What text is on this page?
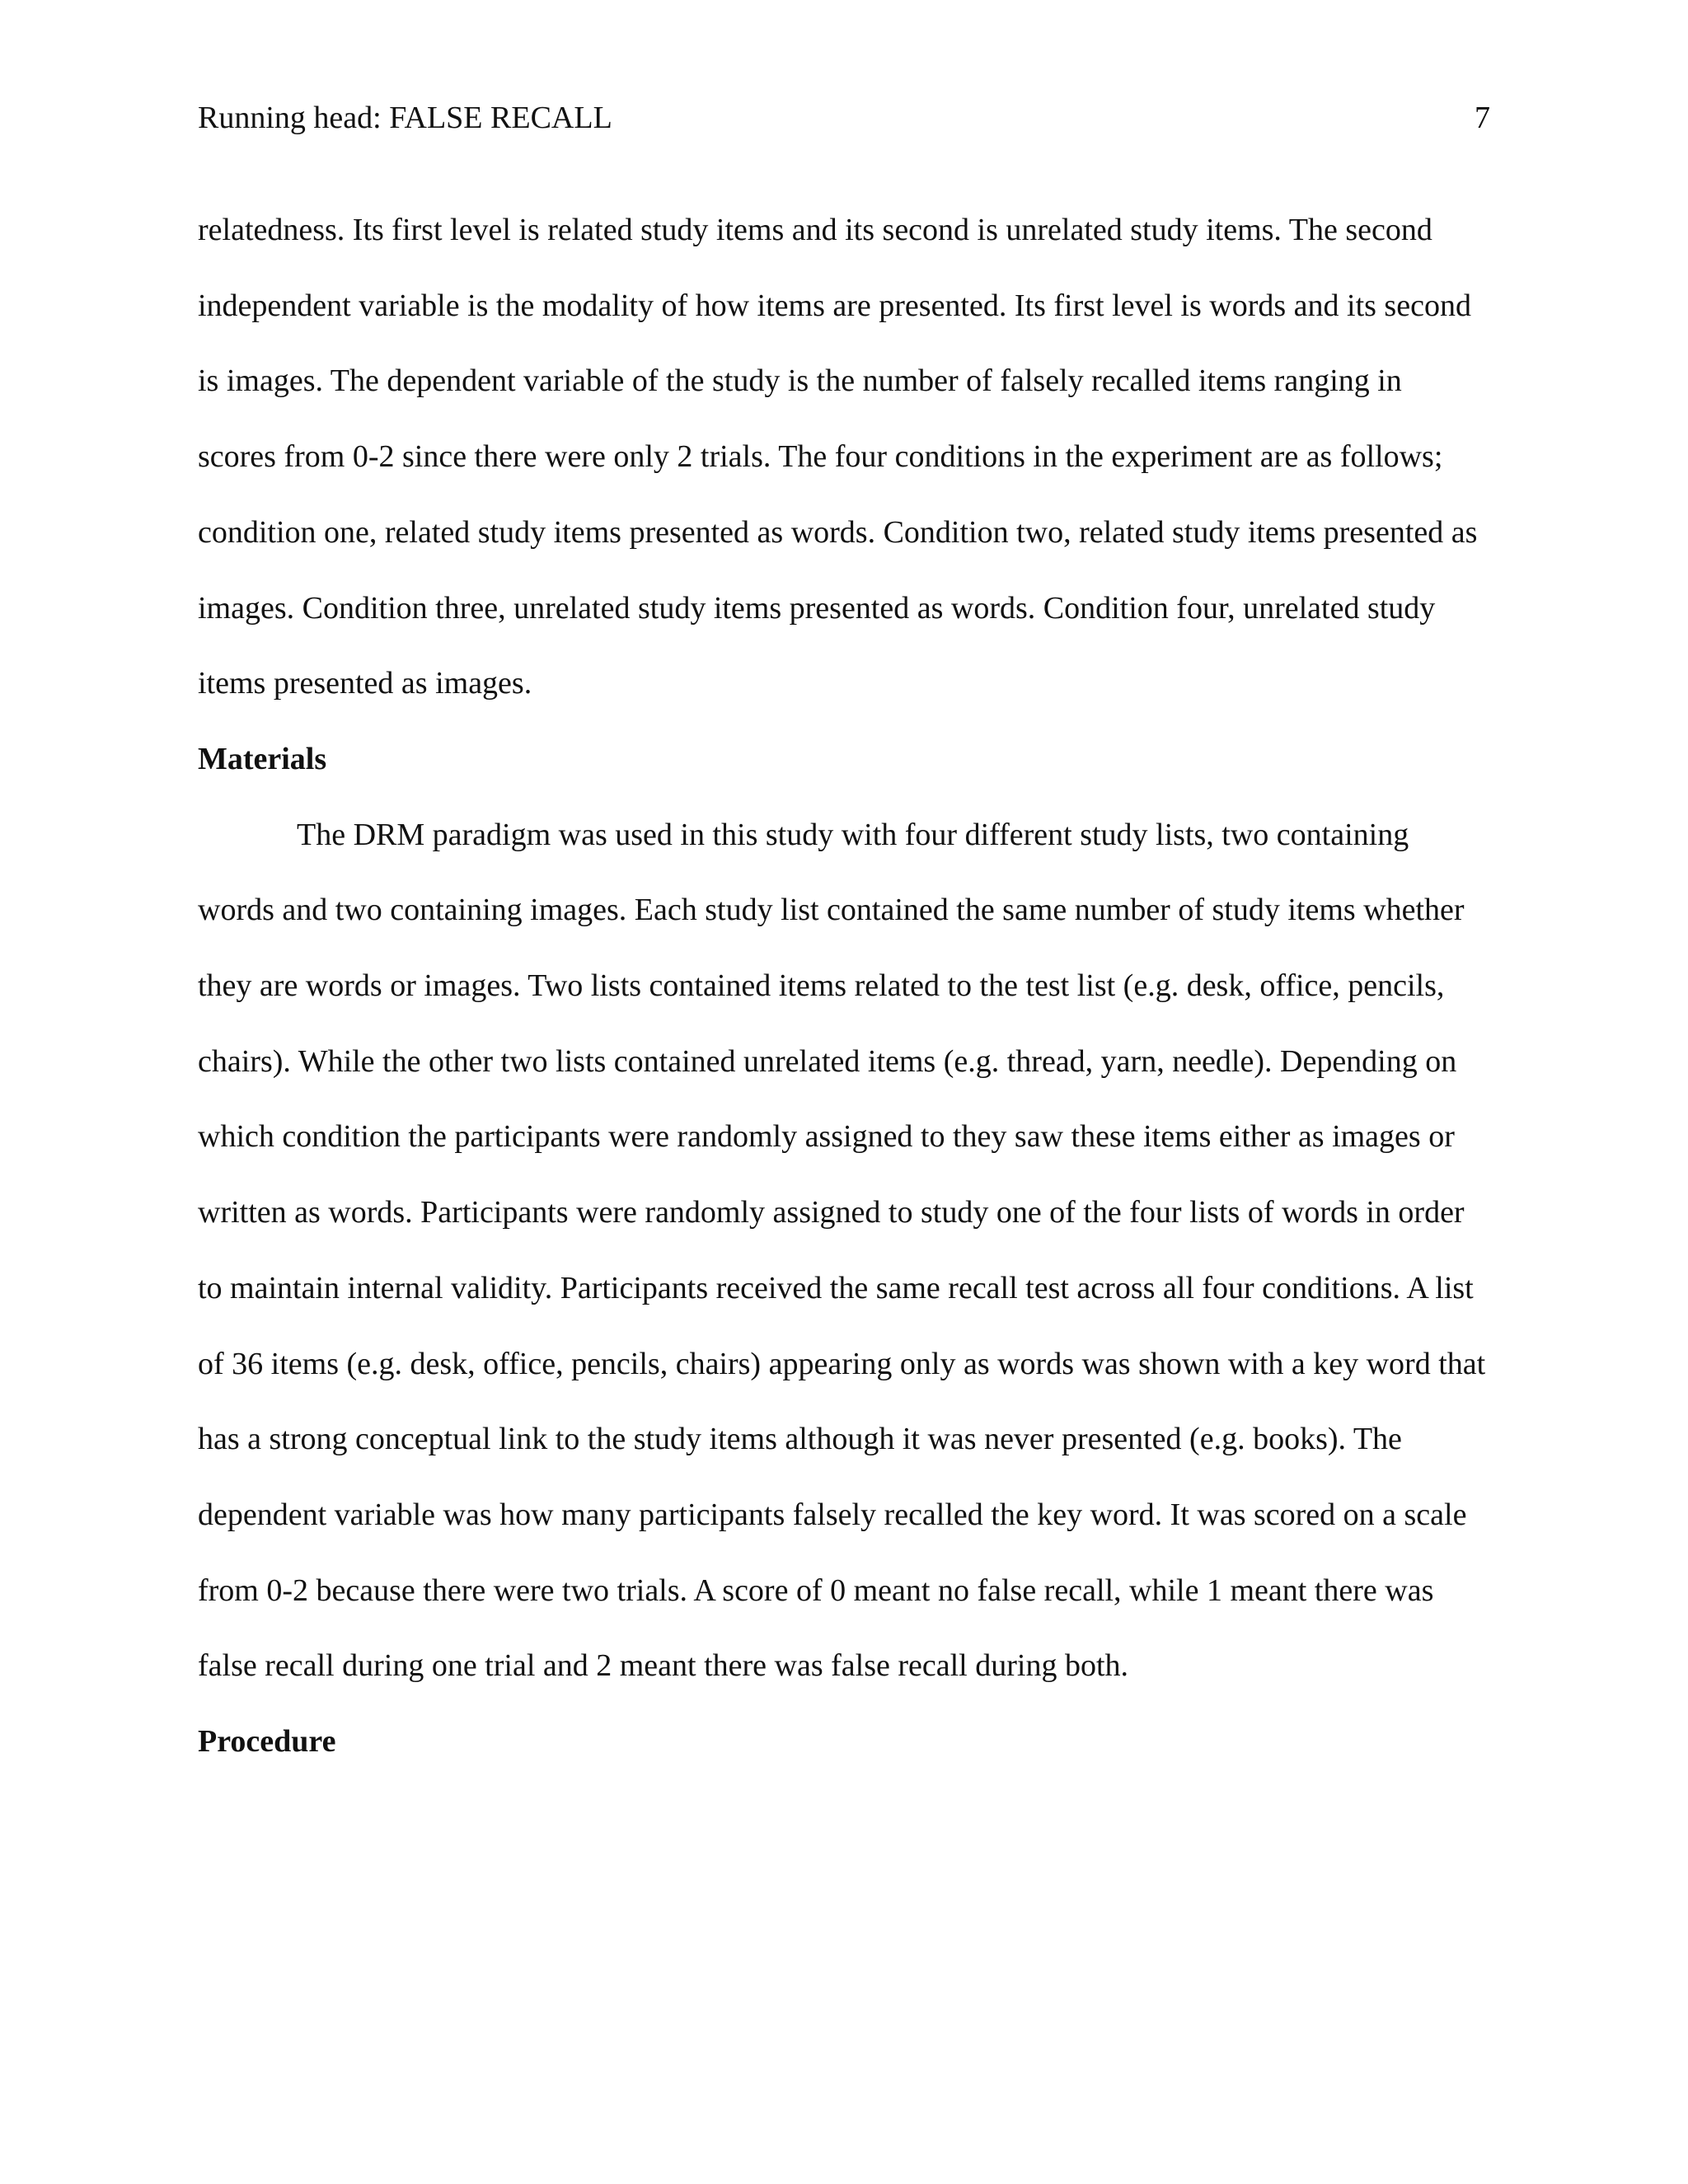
Running head: FALSE RECALL	7

relatedness. Its first level is related study items and its second is unrelated study items. The second independent variable is the modality of how items are presented. Its first level is words and its second is images. The dependent variable of the study is the number of falsely recalled items ranging in scores from 0-2 since there were only 2 trials. The four conditions in the experiment are as follows; condition one, related study items presented as words. Condition two, related study items presented as images. Condition three, unrelated study items presented as words. Condition four, unrelated study items presented as images.

Materials

The DRM paradigm was used in this study with four different study lists, two containing words and two containing images. Each study list contained the same number of study items whether they are words or images. Two lists contained items related to the test list (e.g. desk, office, pencils, chairs). While the other two lists contained unrelated items (e.g. thread, yarn, needle). Depending on which condition the participants were randomly assigned to they saw these items either as images or written as words. Participants were randomly assigned to study one of the four lists of words in order to maintain internal validity. Participants received the same recall test across all four conditions. A list of 36 items (e.g. desk, office, pencils, chairs) appearing only as words was shown with a key word that has a strong conceptual link to the study items although it was never presented (e.g. books). The dependent variable was how many participants falsely recalled the key word. It was scored on a scale from 0-2 because there were two trials. A score of 0 meant no false recall, while 1 meant there was false recall during one trial and 2 meant there was false recall during both.

Procedure
